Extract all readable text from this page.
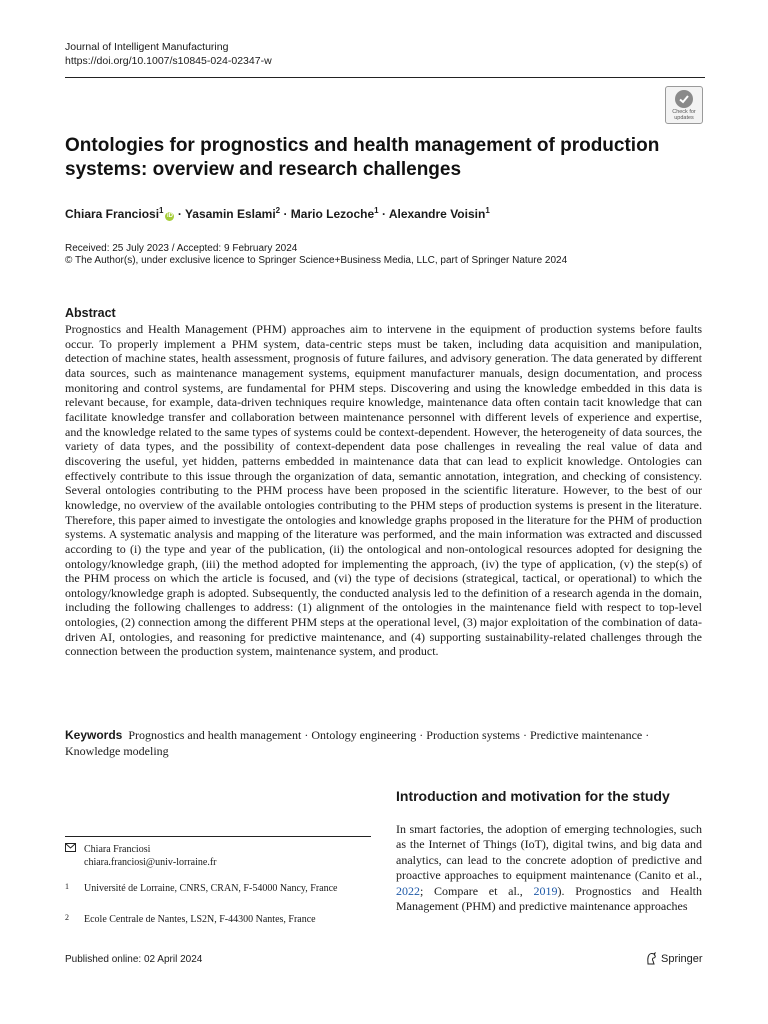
Journal of Intelligent Manufacturing
https://doi.org/10.1007/s10845-024-02347-w
Check for updates
Ontologies for prognostics and health management of production systems: overview and research challenges
Chiara Franciosi$^1$iD · Yasamin Eslami$^2$ · Mario Lezoche$^1$ · Alexandre Voisin$^1$
Received: 25 July 2023 / Accepted: 9 February 2024
© The Author(s), under exclusive licence to Springer Science+Business Media, LLC, part of Springer Nature 2024
Abstract
Prognostics and Health Management (PHM) approaches aim to intervene in the equipment of production systems before faults occur. To properly implement a PHM system, data-centric steps must be taken, including data acquisition and manipulation, detection of machine states, health assessment, prognosis of future failures, and advisory generation. The data generated by different data sources, such as maintenance management systems, equipment manufacturer manuals, design documentation, and process monitoring and control systems, are fundamental for PHM steps. Discovering and using the knowledge embedded in this data is relevant because, for example, data-driven techniques require knowledge, maintenance data often contain tacit knowledge that can facilitate knowledge transfer and collaboration between maintenance personnel with different levels of experience and expertise, and the knowledge related to the same types of systems could be context-dependent. However, the heterogeneity of data sources, the variety of data types, and the possibility of context-dependent data pose challenges in revealing the real value of data and discovering the useful, yet hidden, patterns embedded in maintenance data that can lead to explicit knowledge. Ontologies can effectively contribute to this issue through the organization of data, semantic annotation, integration, and checking of consistency. Several ontologies contributing to the PHM process have been proposed in the scientific literature. However, to the best of our knowledge, no overview of the available ontologies contributing to the PHM steps of production systems is present in the literature. Therefore, this paper aimed to investigate the ontologies and knowledge graphs proposed in the literature for the PHM of production systems. A systematic analysis and mapping of the literature was performed, and the main information was extracted and discussed according to (i) the type and year of the publication, (ii) the ontological and non-ontological resources adopted for designing the ontology/knowledge graph, (iii) the method adopted for implementing the approach, (iv) the type of application, (v) the step(s) of the PHM process on which the article is focused, and (vi) the type of decisions (strategical, tactical, or operational) to which the ontology/knowledge graph is adopted. Subsequently, the conducted analysis led to the definition of a research agenda in the domain, including the following challenges to address: (1) alignment of the ontologies in the maintenance field with respect to top-level ontologies, (2) connection among the different PHM steps at the operational level, (3) major exploitation of the combination of data-driven AI, ontologies, and reasoning for predictive maintenance, and (4) supporting sustainability-related challenges through the connection between the production system, maintenance system, and product.
Keywords Prognostics and health management · Ontology engineering · Production systems · Predictive maintenance · Knowledge modeling
Introduction and motivation for the study
In smart factories, the adoption of emerging technologies, such as the Internet of Things (IoT), digital twins, and big data and analytics, can lead to the concrete adoption of predictive and proactive approaches to equipment maintenance (Canito et al., 2022; Compare et al., 2019). Prognostics and Health Management (PHM) and predictive maintenance approaches
Chiara Franciosi
chiara.franciosi@univ-lorraine.fr
1 Université de Lorraine, CNRS, CRAN, F-54000 Nancy, France
2 Ecole Centrale de Nantes, LS2N, F-44300 Nantes, France
Published online: 02 April 2024	Springer
